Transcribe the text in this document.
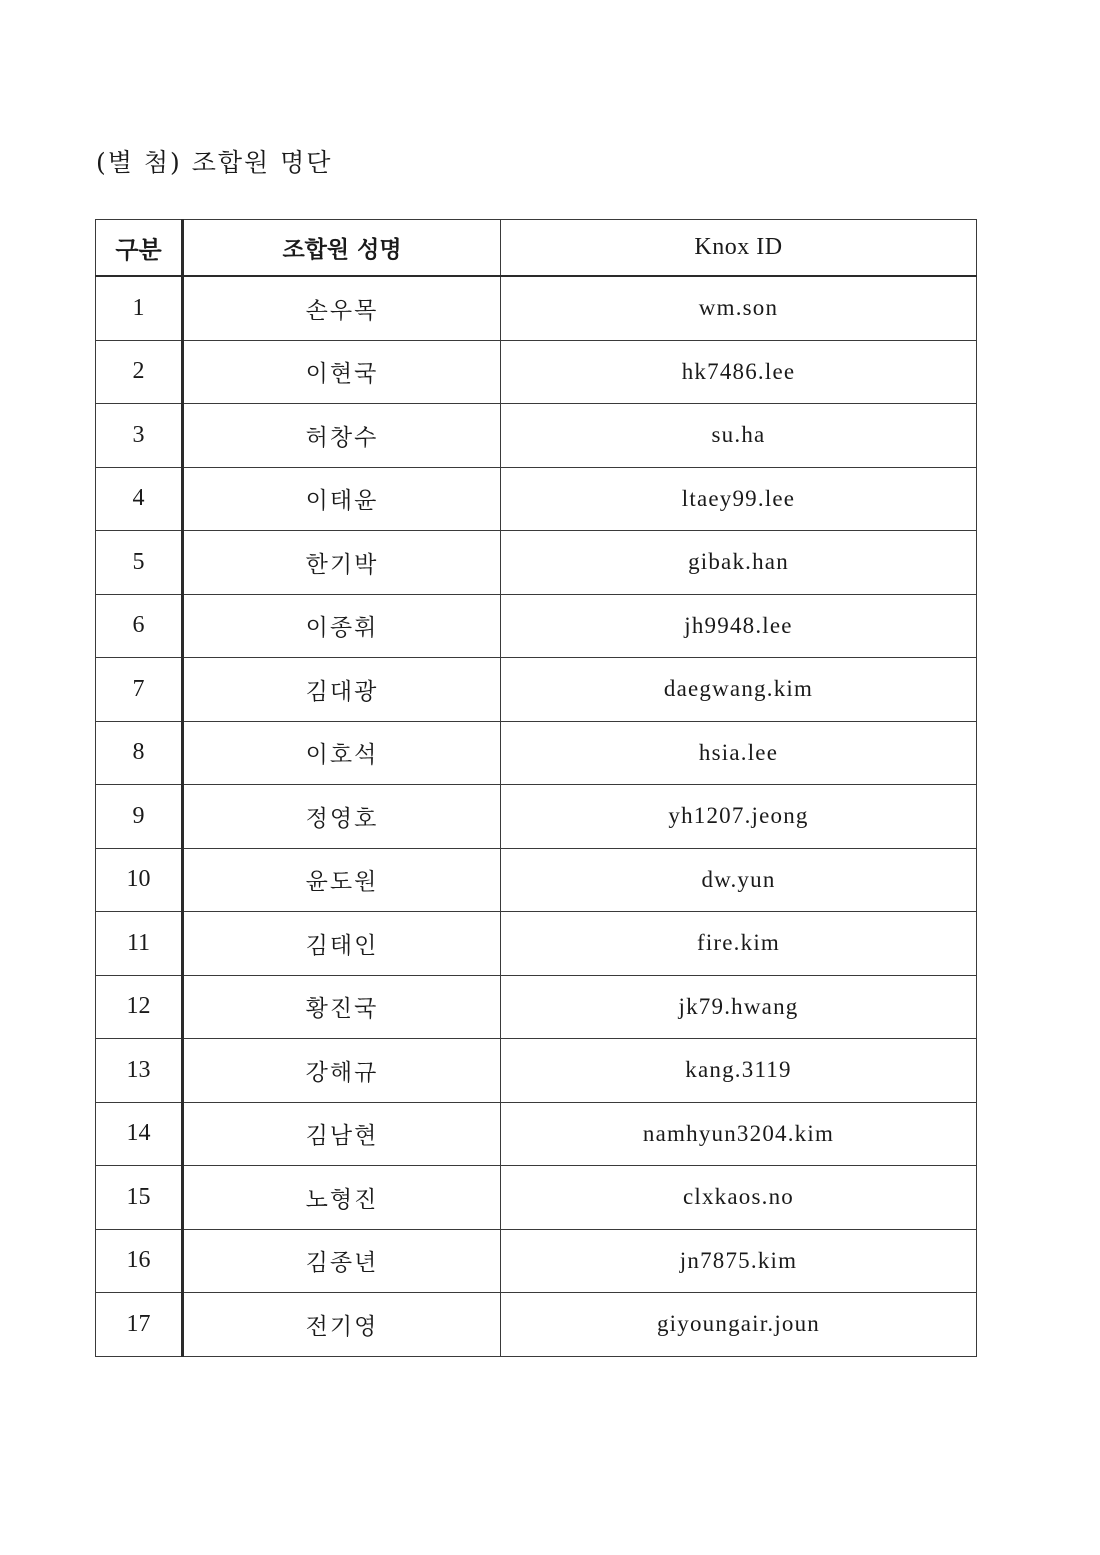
(별 첨) 조합원 명단
구분	조합원 성명	Knox ID
1	손우목	wm.son
2	이현국	hk7486.lee
3	허창수	su.ha
4	이태윤	ltaey99.lee
5	한기박	gibak.han
6	이종휘	jh9948.lee
7	김대광	daegwang.kim
8	이호석	hsia.lee
9	정영호	yh1207.jeong
10	윤도원	dw.yun
11	김태인	fire.kim
12	황진국	jk79.hwang
13	강해규	kang.3119
14	김남현	namhyun3204.kim
15	노형진	clxkaos.no
16	김종년	jn7875.kim
17	전기영	giyoungair.joun
